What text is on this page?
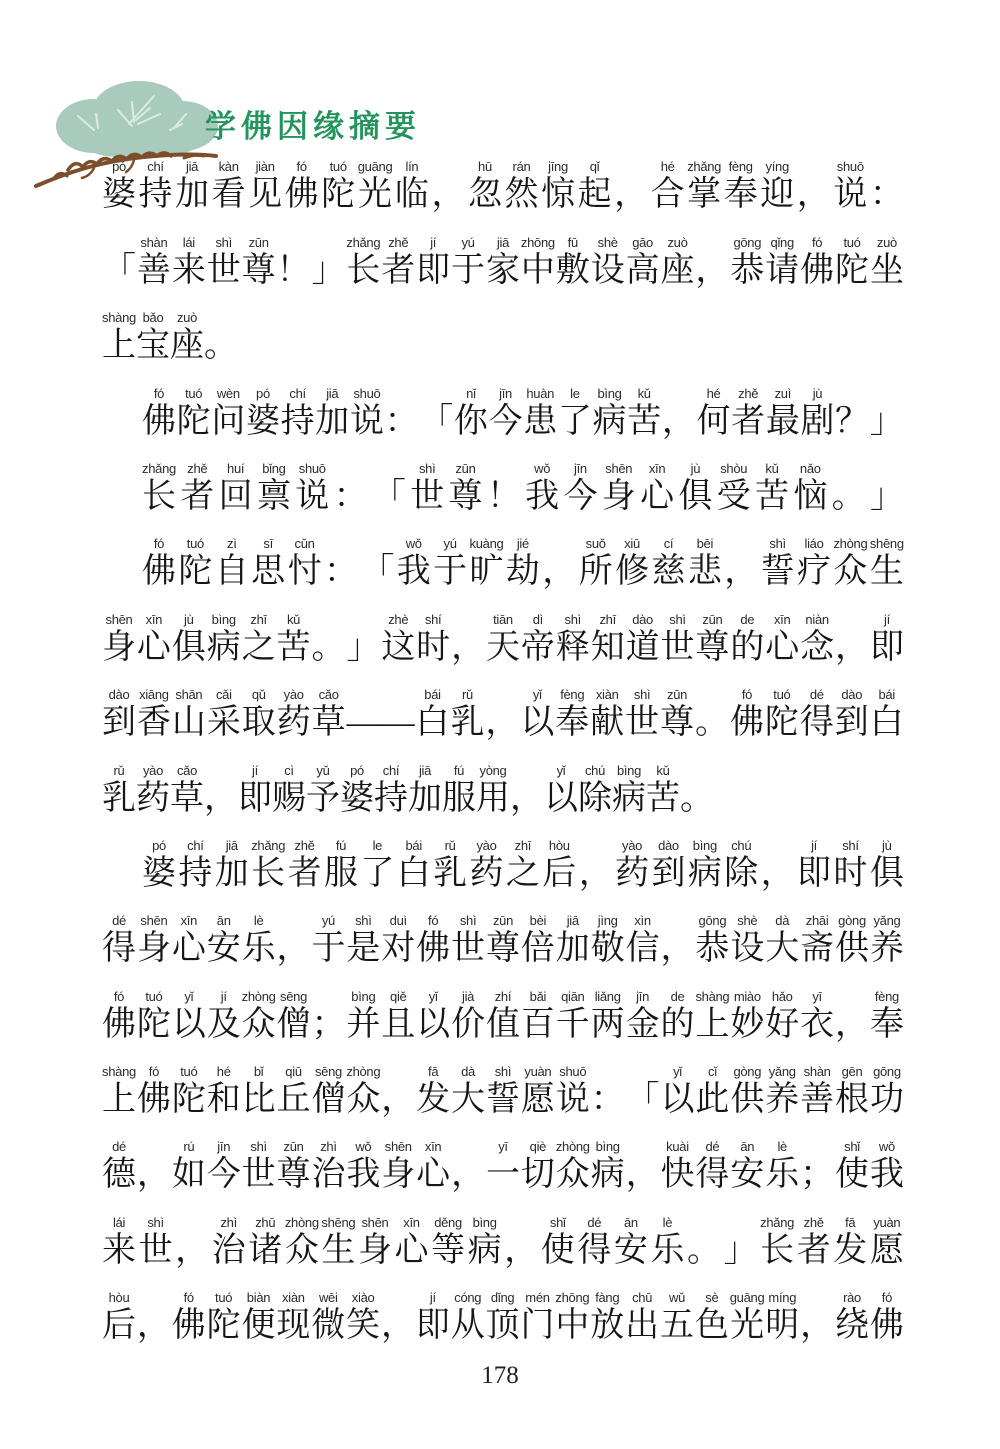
学佛因缘摘要
pó
婆
chí
持
jiā
加
kàn
看
jiàn
见
fó
佛
tuó
陀
guāng
光
lín
临 ，
hū
忽
rán
然
jīng
惊
qǐ
起 ，
hé
合
zhǎng
掌
fèng
奉
yíng
迎 ，
shuō
说 ：
「
shàn
善
lái
来
shì
世
zūn
尊 ！ 」
zhǎng
长
zhě
者
jí
即
yú
于
jiā
家
zhōng
中
fū
敷
shè
设
gāo
高
zuò
座 ，
gōng
恭
qǐng
请
fó
佛
tuó
陀
zuò
坐
shàng
上
bǎo
宝
zuò
座 。
fó
佛
tuó
陀
wèn
问
pó
婆
chí
持
jiā
加
shuō
说 ： 「
nǐ
你
jīn
今
huàn
患
le
了
bìng
病
kǔ
苦 ，
hé
何
zhě
者
zuì
最
jù
剧 ？ 」
zhǎng
长
zhě
者
huí
回
bǐng
禀
shuō
说 ： 「
shì
世
zūn
尊 ！
wǒ
我
jīn
今
shēn
身
xīn
心
jù
俱
shòu
受
kǔ
苦
nǎo
恼 。 」
fó
佛
tuó
陀
zì
自
sī
思
cǔn
忖 ： 「
wǒ
我
yú
于
kuàng
旷
jié
劫 ，
suǒ
所
xiū
修
cí
慈
bēi
悲 ，
shì
誓
liáo
疗
zhòng
众
shēng
生
shēn
身
xīn
心
jù
俱
bìng
病
zhī
之
kǔ
苦 。 」
zhè
这
shí
时 ，
tiān
天
dì
帝
shì
释
zhī
知
dào
道
shì
世
zūn
尊
de
的
xīn
心
niàn
念 ，
jí
即
dào
到
xiāng
香
shān
山
cǎi
采
qǔ
取
yào
药
cǎo
草 ——
bái
白
rǔ
乳 ，
yǐ
以
fèng
奉
xiàn
献
shì
世
zūn
尊 。
fó
佛
tuó
陀
dé
得
dào
到
bái
白
rǔ
乳
yào
药
cǎo
草 ，
jí
即
cì
赐
yǔ
予
pó
婆
chí
持
jiā
加
fú
服
yòng
用 ，
yǐ
以
chú
除
bìng
病
kǔ
苦 。
pó
婆
chí
持
jiā
加
zhǎng
长
zhě
者
fú
服
le
了
bái
白
rǔ
乳
yào
药
zhī
之
hòu
后 ，
yào
药
dào
到
bìng
病
chú
除 ，
jí
即
shí
时
jù
俱
dé
得
shēn
身
xīn
心
ān
安
lè
乐 ，
yú
于
shì
是
duì
对
fó
佛
shì
世
zūn
尊
bèi
倍
jiā
加
jìng
敬
xìn
信 ，
gōng
恭
shè
设
dà
大
zhāi
斋
gòng
供
yǎng
养
fó
佛
tuó
陀
yǐ
以
jí
及
zhòng
众
sēng
僧 ；
bìng
并
qiě
且
yǐ
以
jià
价
zhí
值
bǎi
百
qiān
千
liǎng
两
jīn
金
de
的
shàng
上
miào
妙
hǎo
好
yī
衣 ，
fèng
奉
shàng
上
fó
佛
tuó
陀
hé
和
bǐ
比
qiū
丘
sēng
僧
zhòng
众 ，
fā
发
dà
大
shì
誓
yuàn
愿
shuō
说 ： 「
yǐ
以
cǐ
此
gòng
供
yǎng
养
shàn
善
gēn
根
gōng
功
dé
德 ，
rú
如
jīn
今
shì
世
zūn
尊
zhì
治
wǒ
我
shēn
身
xīn
心 ，
yī
一
qiè
切
zhòng
众
bìng
病 ，
kuài
快
dé
得
ān
安
lè
乐 ；
shǐ
使
wǒ
我
lái
来
shì
世 ，
zhì
治
zhū
诸
zhòng
众
shēng
生
shēn
身
xīn
心
děng
等
bìng
病 ，
shǐ
使
dé
得
ān
安
lè
乐 。 」
zhǎng
长
zhě
者
fā
发
yuàn
愿
hòu
后 ，
fó
佛
tuó
陀
biàn
便
xiàn
现
wēi
微
xiào
笑 ，
jí
即
cóng
从
dǐng
顶
mén
门
zhōng
中
fàng
放
chū
出
wǔ
五
sè
色
guāng
光
míng
明 ，
rào
绕
fó
佛
178
